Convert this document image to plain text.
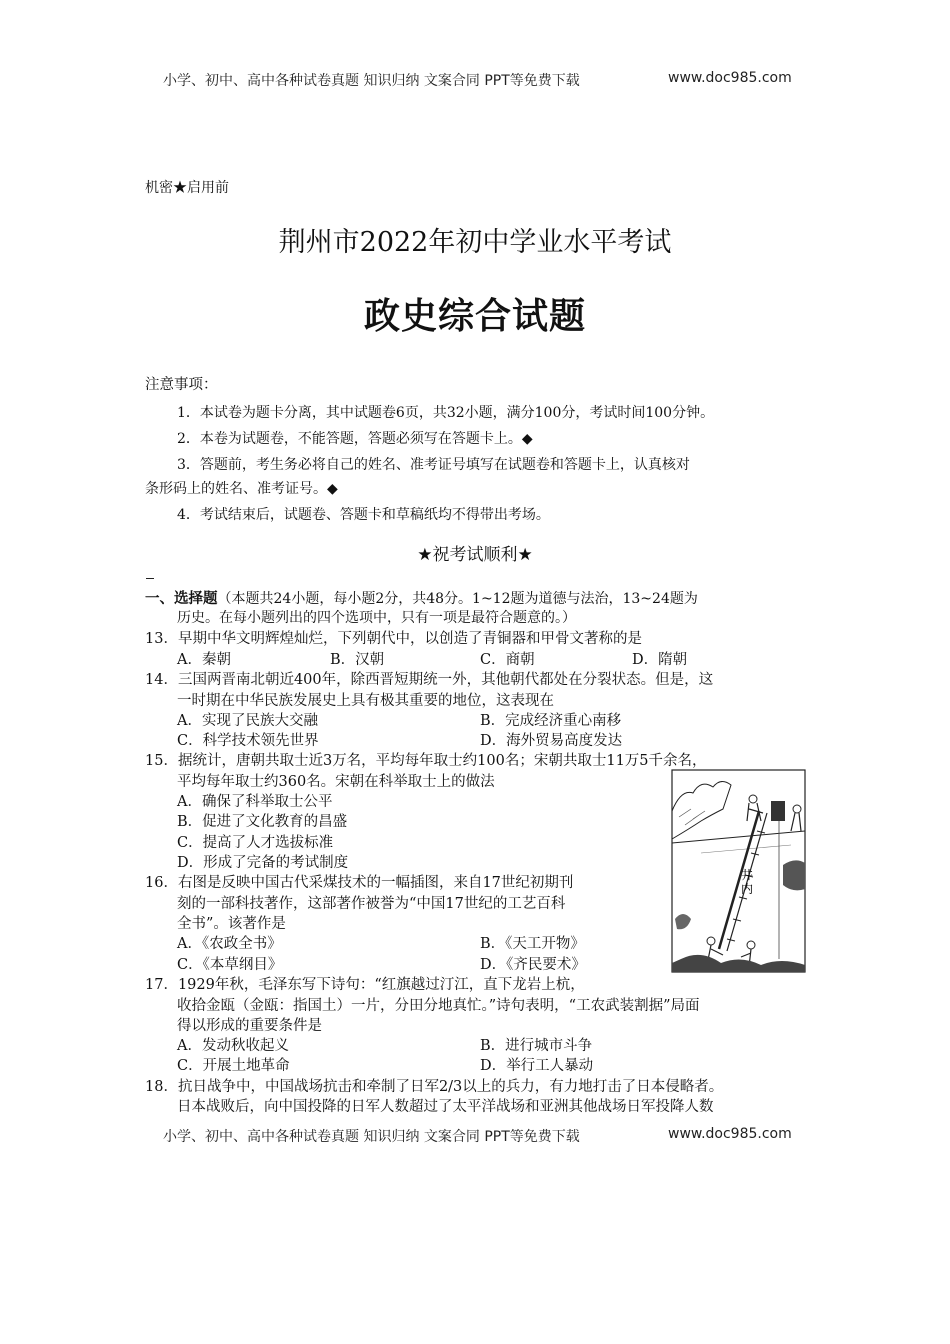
小学、初中、高中各种试卷真题 知识归纳 文案合同 PPT等免费下载	www.doc985.com
机密★启用前
荆州市2022年初中学业水平考试
政史综合试题
注意事项：
1．本试卷为题卡分离，其中试题卷6页，共32小题，满分100分，考试时间100分钟。
2．本卷为试题卷，不能答题，答题必须写在答题卡上。◆
3．答题前，考生务必将自己的姓名、准考证号填写在试题卷和答题卡上，认真核对
条形码上的姓名、准考证号。◆
4．考试结束后，试题卷、答题卡和草稿纸均不得带出考场。
★祝考试顺利★
一、选择题（本题共24小题，每小题2分，共48分。1~12题为道德与法治，13~24题为
历史。在每小题列出的四个选项中，只有一项是最符合题意的。）
13．早期中华文明辉煌灿烂，下列朝代中，以创造了青铜器和甲骨文著称的是
A．秦朝	B．汉朝	C．商朝	D．隋朝
14．三国两晋南北朝近400年，除西晋短期统一外，其他朝代都处在分裂状态。但是，这
一时期在中华民族发展史上具有极其重要的地位，这表现在
A．实现了民族大交融	B．完成经济重心南移
C．科学技术领先世界	D．海外贸易高度发达
15．据统计，唐朝共取士近3万名，平均每年取士约100名；宋朝共取士11万5千余名，
平均每年取士约360名。宋朝在科举取士上的做法
A．确保了科举取士公平
B．促进了文化教育的昌盛
C．提高了人才选拔标准
D．形成了完备的考试制度
16．右图是反映中国古代采煤技术的一幅插图，来自17世纪初期刊
刻的一部科技著作，这部著作被誉为“中国17世纪的工艺百科
全书”。该著作是
A．《农政全书》	B．《天工开物》
C．《本草纲目》	D．《齐民要术》
井
内
17．1929年秋，毛泽东写下诗句：“红旗越过汀江，直下龙岩上杭，
收拾金瓯（金瓯：指国土）一片，分田分地真忙。”诗句表明，“工农武装割据”局面
得以形成的重要条件是
A．发动秋收起义	B．进行城市斗争
C．开展土地革命	D．举行工人暴动
18．抗日战争中，中国战场抗击和牵制了日军2/3以上的兵力，有力地打击了日本侵略者。
日本战败后，向中国投降的日军人数超过了太平洋战场和亚洲其他战场日军投降人数
小学、初中、高中各种试卷真题 知识归纳 文案合同 PPT等免费下载	www.doc985.com
